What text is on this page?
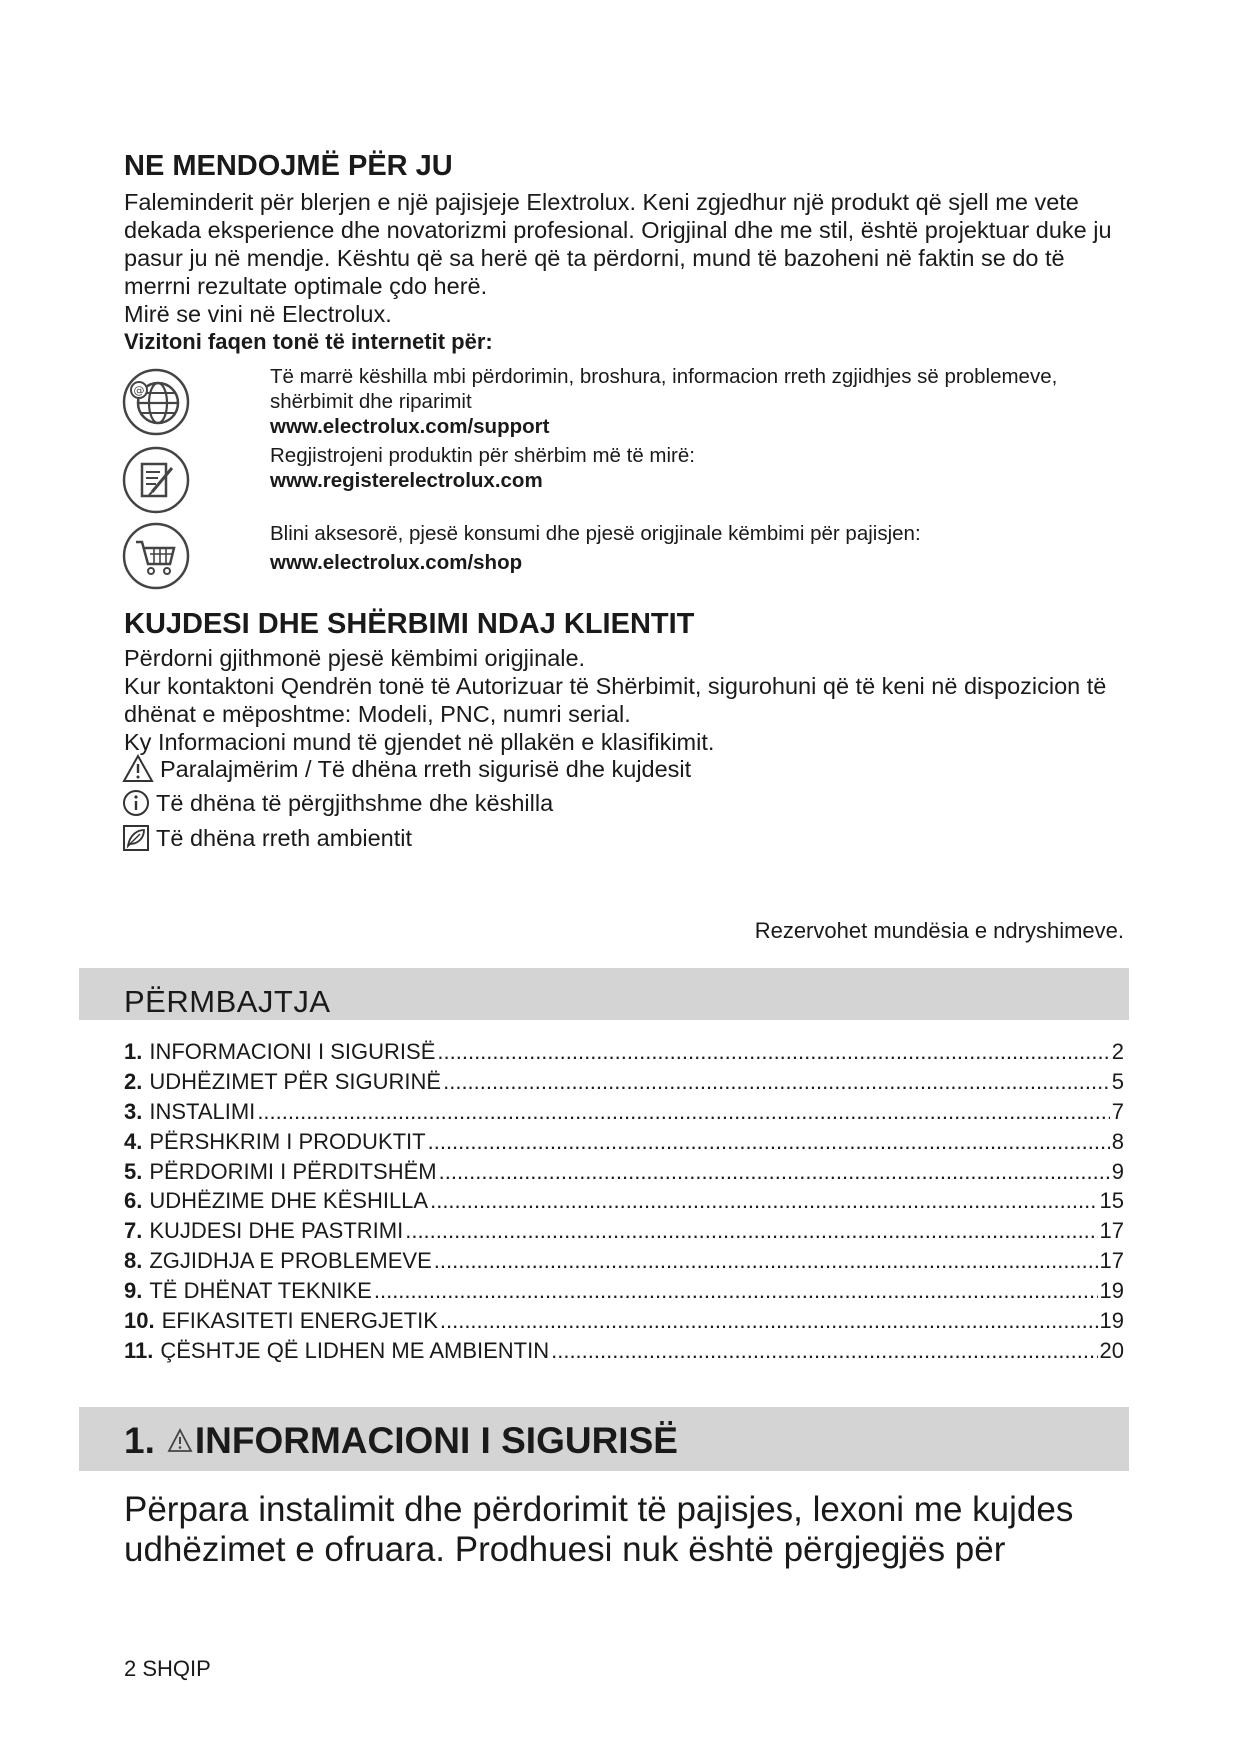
NE MENDOJMË PËR JU

Faleminderit për blerjen e një pajisjeje Elextrolux. Keni zgjedhur një produkt që sjell me vete dekada eksperience dhe novatorizmi profesional. Origjinal dhe me stil, është projektuar duke ju pasur ju në mendje. Kështu që sa herë që ta përdorni, mund të bazoheni në faktin se do të merrni rezultate optimale çdo herë.

Mirë se vini në Electrolux.

Vizitoni faqen tonë të internetit për:

@
Të marrë këshilla mbi përdorimin, broshura, informacion rreth zgjidhjes së problemeve, shërbimit dhe riparimit
www.electrolux.com/support
Regjistrojeni produktin për shërbim më të mirë:
www.registerelectrolux.com
Blini aksesorë, pjesë konsumi dhe pjesë origjinale këmbimi për pajisjen:
www.electrolux.com/shop
KUJDESI DHE SHËRBIMI NDAJ KLIENTIT

Përdorni gjithmonë pjesë këmbimi origjinale.

Kur kontaktoni Qendrën tonë të Autorizuar të Shërbimit, sigurohuni që të keni në dispozicion të dhënat e mëposhtme: Modeli, PNC, numri serial.

Ky Informacioni mund të gjendet në pllakën e klasifikimit.

Paralajmërim / Të dhëna rreth sigurisë dhe kujdesit
Të dhëna të përgjithshme dhe këshilla
Të dhëna rreth ambientit
Rezervohet mundësia e ndryshimeve.
PËRMBAJTJA
1. INFORMACIONI I SIGURISË .....	2
2. UDHËZIMET PËR SIGURINË .....	5
3. INSTALIMI .....	7
4. PËRSHKRIM I PRODUKTIT .....	8
5. PËRDORIMI I PËRDITSHËM .....	9
6. UDHËZIME DHE KËSHILLA .....	15
7. KUJDESI DHE PASTRIMI .....	17
8. ZGJIDHJA E PROBLEMEVE .....	17
9. TË DHËNAT TEKNIKE .....	19
10. EFIKASITETI ENERGJETIK .....	19
11. ÇËSHTJE QË LIDHEN ME AMBIENTIN .....	20
1. INFORMACIONI I SIGURISË
Përpara instalimit dhe përdorimit të pajisjes, lexoni me kujdes udhëzimet e ofruara. Prodhuesi nuk është përgjegjës për
2 SHQIP
